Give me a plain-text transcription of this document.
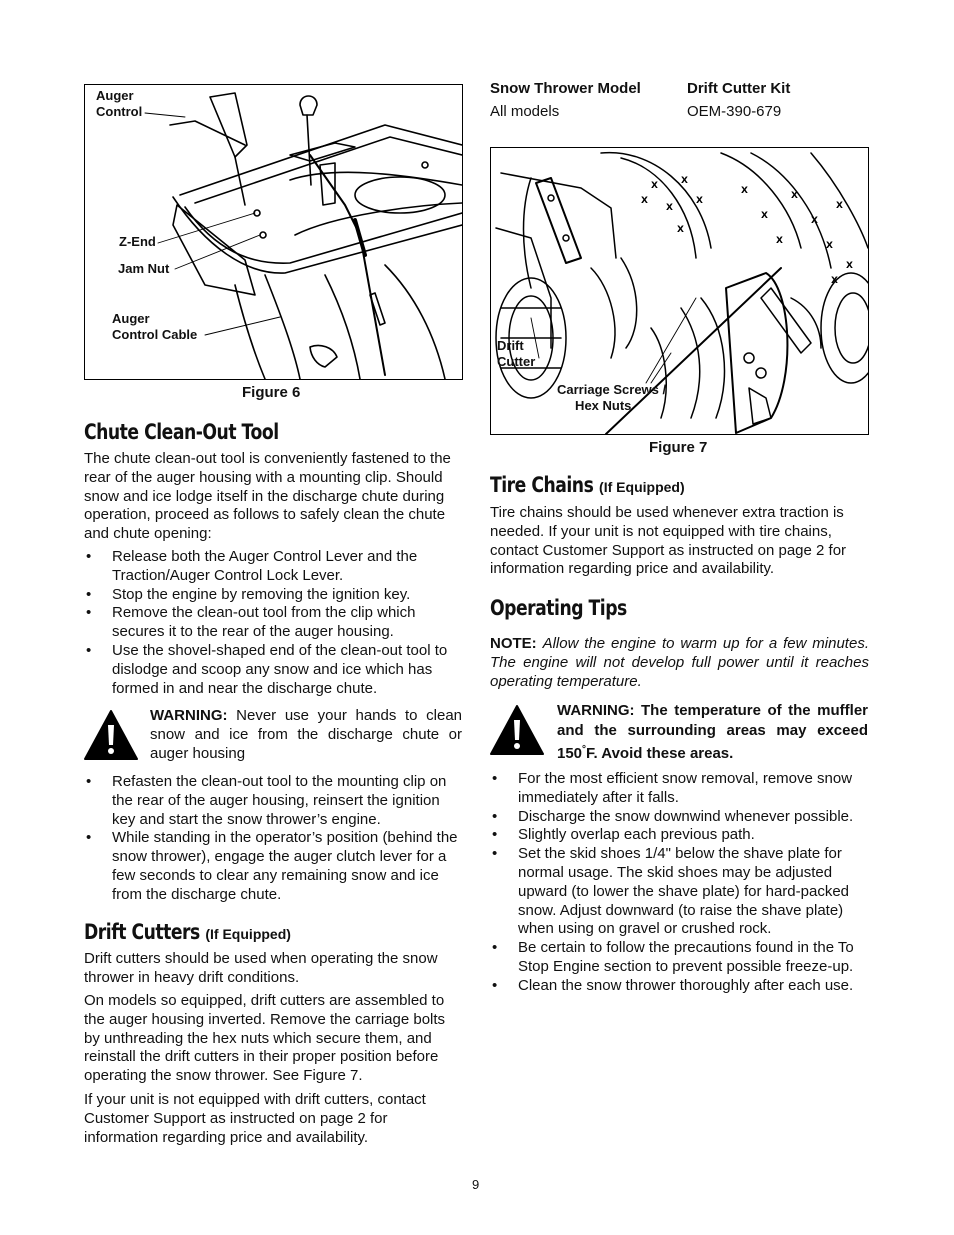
Auger
Control
Z-End
Jam Nut
Auger
Control Cable
Figure 6
Chute Clean-Out Tool

The chute clean-out tool is conveniently fastened to the rear of the auger housing with a mounting clip. Should snow and ice lodge itself in the discharge chute during operation, proceed as follows to safely clean the chute and chute opening:

• Release both the Auger Control Lever and the Traction/Auger Control Lock Lever.
• Stop the engine by removing the ignition key.
• Remove the clean-out tool from the clip which secures it to the rear of the auger housing.
• Use the shovel-shaped end of the clean-out tool to dislodge and scoop any snow and ice which has formed in and near the discharge chute.

WARNING: Never use your hands to clean snow and ice from the discharge chute or auger housing

• Refasten the clean-out tool to the mounting clip on the rear of the auger housing, reinsert the ignition key and start the snow thrower’s engine.
• While standing in the operator’s position (behind the snow thrower), engage the auger clutch lever for a few seconds to clear any remaining snow and ice from the discharge chute.
Drift Cutters (If Equipped)

Drift cutters should be used when operating the snow thrower in heavy drift conditions.

On models so equipped, drift cutters are assembled to the auger housing inverted. Remove the carriage bolts by unthreading the hex nuts which secure them, and reinstall the drift cutters in their proper position before operating the snow thrower. See Figure 7.

If your unit is not equipped with drift cutters, contact Customer Support as instructed on page 2 for information regarding price and availability.

Snow Thrower Model	Drift Cutter Kit
All models	OEM-390-679
X
X
X
X
X
X
X
X
X
X
X
X
X
X
X
Drift
Cutter
Carriage Screws /
Hex Nuts
Figure 7
Tire Chains (If Equipped)

Tire chains should be used whenever extra traction is needed. If your unit is not equipped with tire chains, contact Customer Support as instructed on page 2 for information regarding price and availability.

Operating Tips

NOTE: Allow the engine to warm up for a few minutes. The engine will not develop full power until it reaches operating temperature.

WARNING: The temperature of the muffler and the surrounding areas may exceed 150°F. Avoid these areas.

• For the most efficient snow removal, remove snow immediately after it falls.
• Discharge the snow downwind whenever possible.
• Slightly overlap each previous path.
• Set the skid shoes 1/4" below the shave plate for normal usage. The skid shoes may be adjusted upward (to lower the shave plate) for hard-packed snow. Adjust downward (to raise the shave plate) when using on gravel or crushed rock.
• Be certain to follow the precautions found in the To Stop Engine section to prevent possible freeze-up.
• Clean the snow thrower thoroughly after each use.
9
